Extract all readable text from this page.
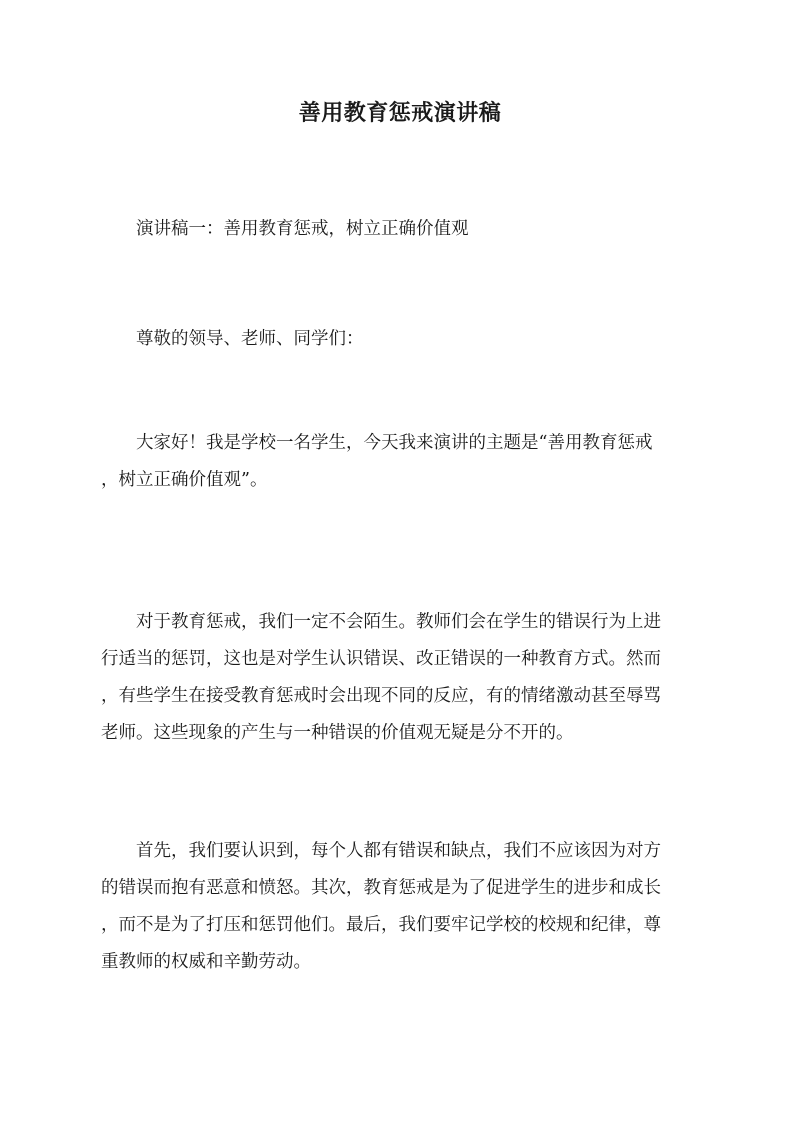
善用教育惩戒演讲稿
演讲稿一：善用教育惩戒，树立正确价值观
尊敬的领导、老师、同学们：
大家好！我是学校一名学生，今天我来演讲的主题是“善用教育惩戒
，树立正确价值观”。
对于教育惩戒，我们一定不会陌生。教师们会在学生的错误行为上进
行适当的惩罚，这也是对学生认识错误、改正错误的一种教育方式。然而
，有些学生在接受教育惩戒时会出现不同的反应，有的情绪激动甚至辱骂
老师。这些现象的产生与一种错误的价值观无疑是分不开的。
首先，我们要认识到，每个人都有错误和缺点，我们不应该因为对方
的错误而抱有恶意和愤怒。其次，教育惩戒是为了促进学生的进步和成长
，而不是为了打压和惩罚他们。最后，我们要牢记学校的校规和纪律，尊
重教师的权威和辛勤劳动。
